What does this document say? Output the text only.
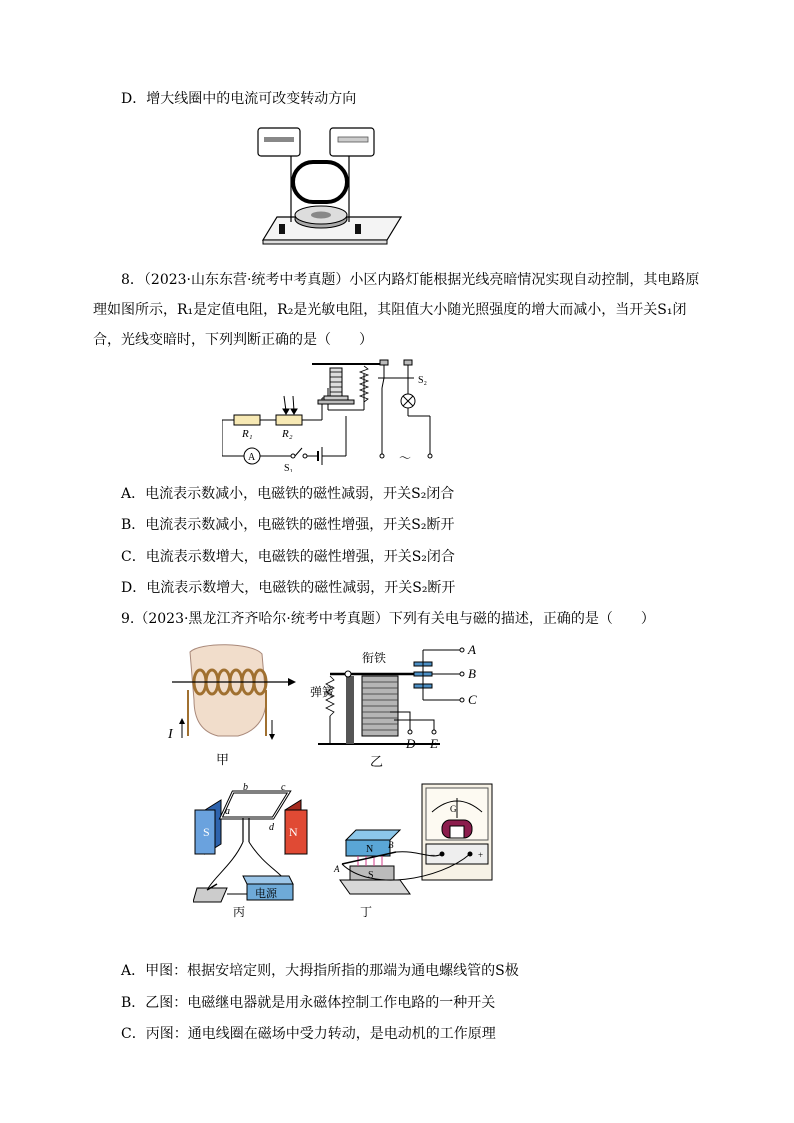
D．增大线圈中的电流可改变转动方向
8．（2023·山东东营·统考中考真题）小区内路灯能根据光线亮暗情况实现自动控制，其电路原
理如图所示，R₁是定值电阻，R₂是光敏电阻，其阻值大小随光照强度的增大而减小，当开关S₁闭
合，光线变暗时，下列判断正确的是（　　）
R₁	R₂
A
S₁
S₂
～
A．电流表示数减小，电磁铁的磁性减弱，开关S₂闭合
B．电流表示数减小，电磁铁的磁性增强，开关S₂断开
C．电流表示数增大，电磁铁的磁性增强，开关S₂闭合
D．电流表示数增大，电磁铁的磁性减弱，开关S₂断开
9.（2023·黑龙江齐齐哈尔·统考中考真题）下列有关电与磁的描述，正确的是（　　）
I
甲
衔铁
弹簧
A
B
C
D E
乙
S	N
a
b	c
d
电源
丙
+
−
G
N
S
A
B
丁
A．甲图：根据安培定则，大拇指所指的那端为通电螺线管的S极
B．乙图：电磁继电器就是用永磁体控制工作电路的一种开关
C．丙图：通电线圈在磁场中受力转动，是电动机的工作原理
